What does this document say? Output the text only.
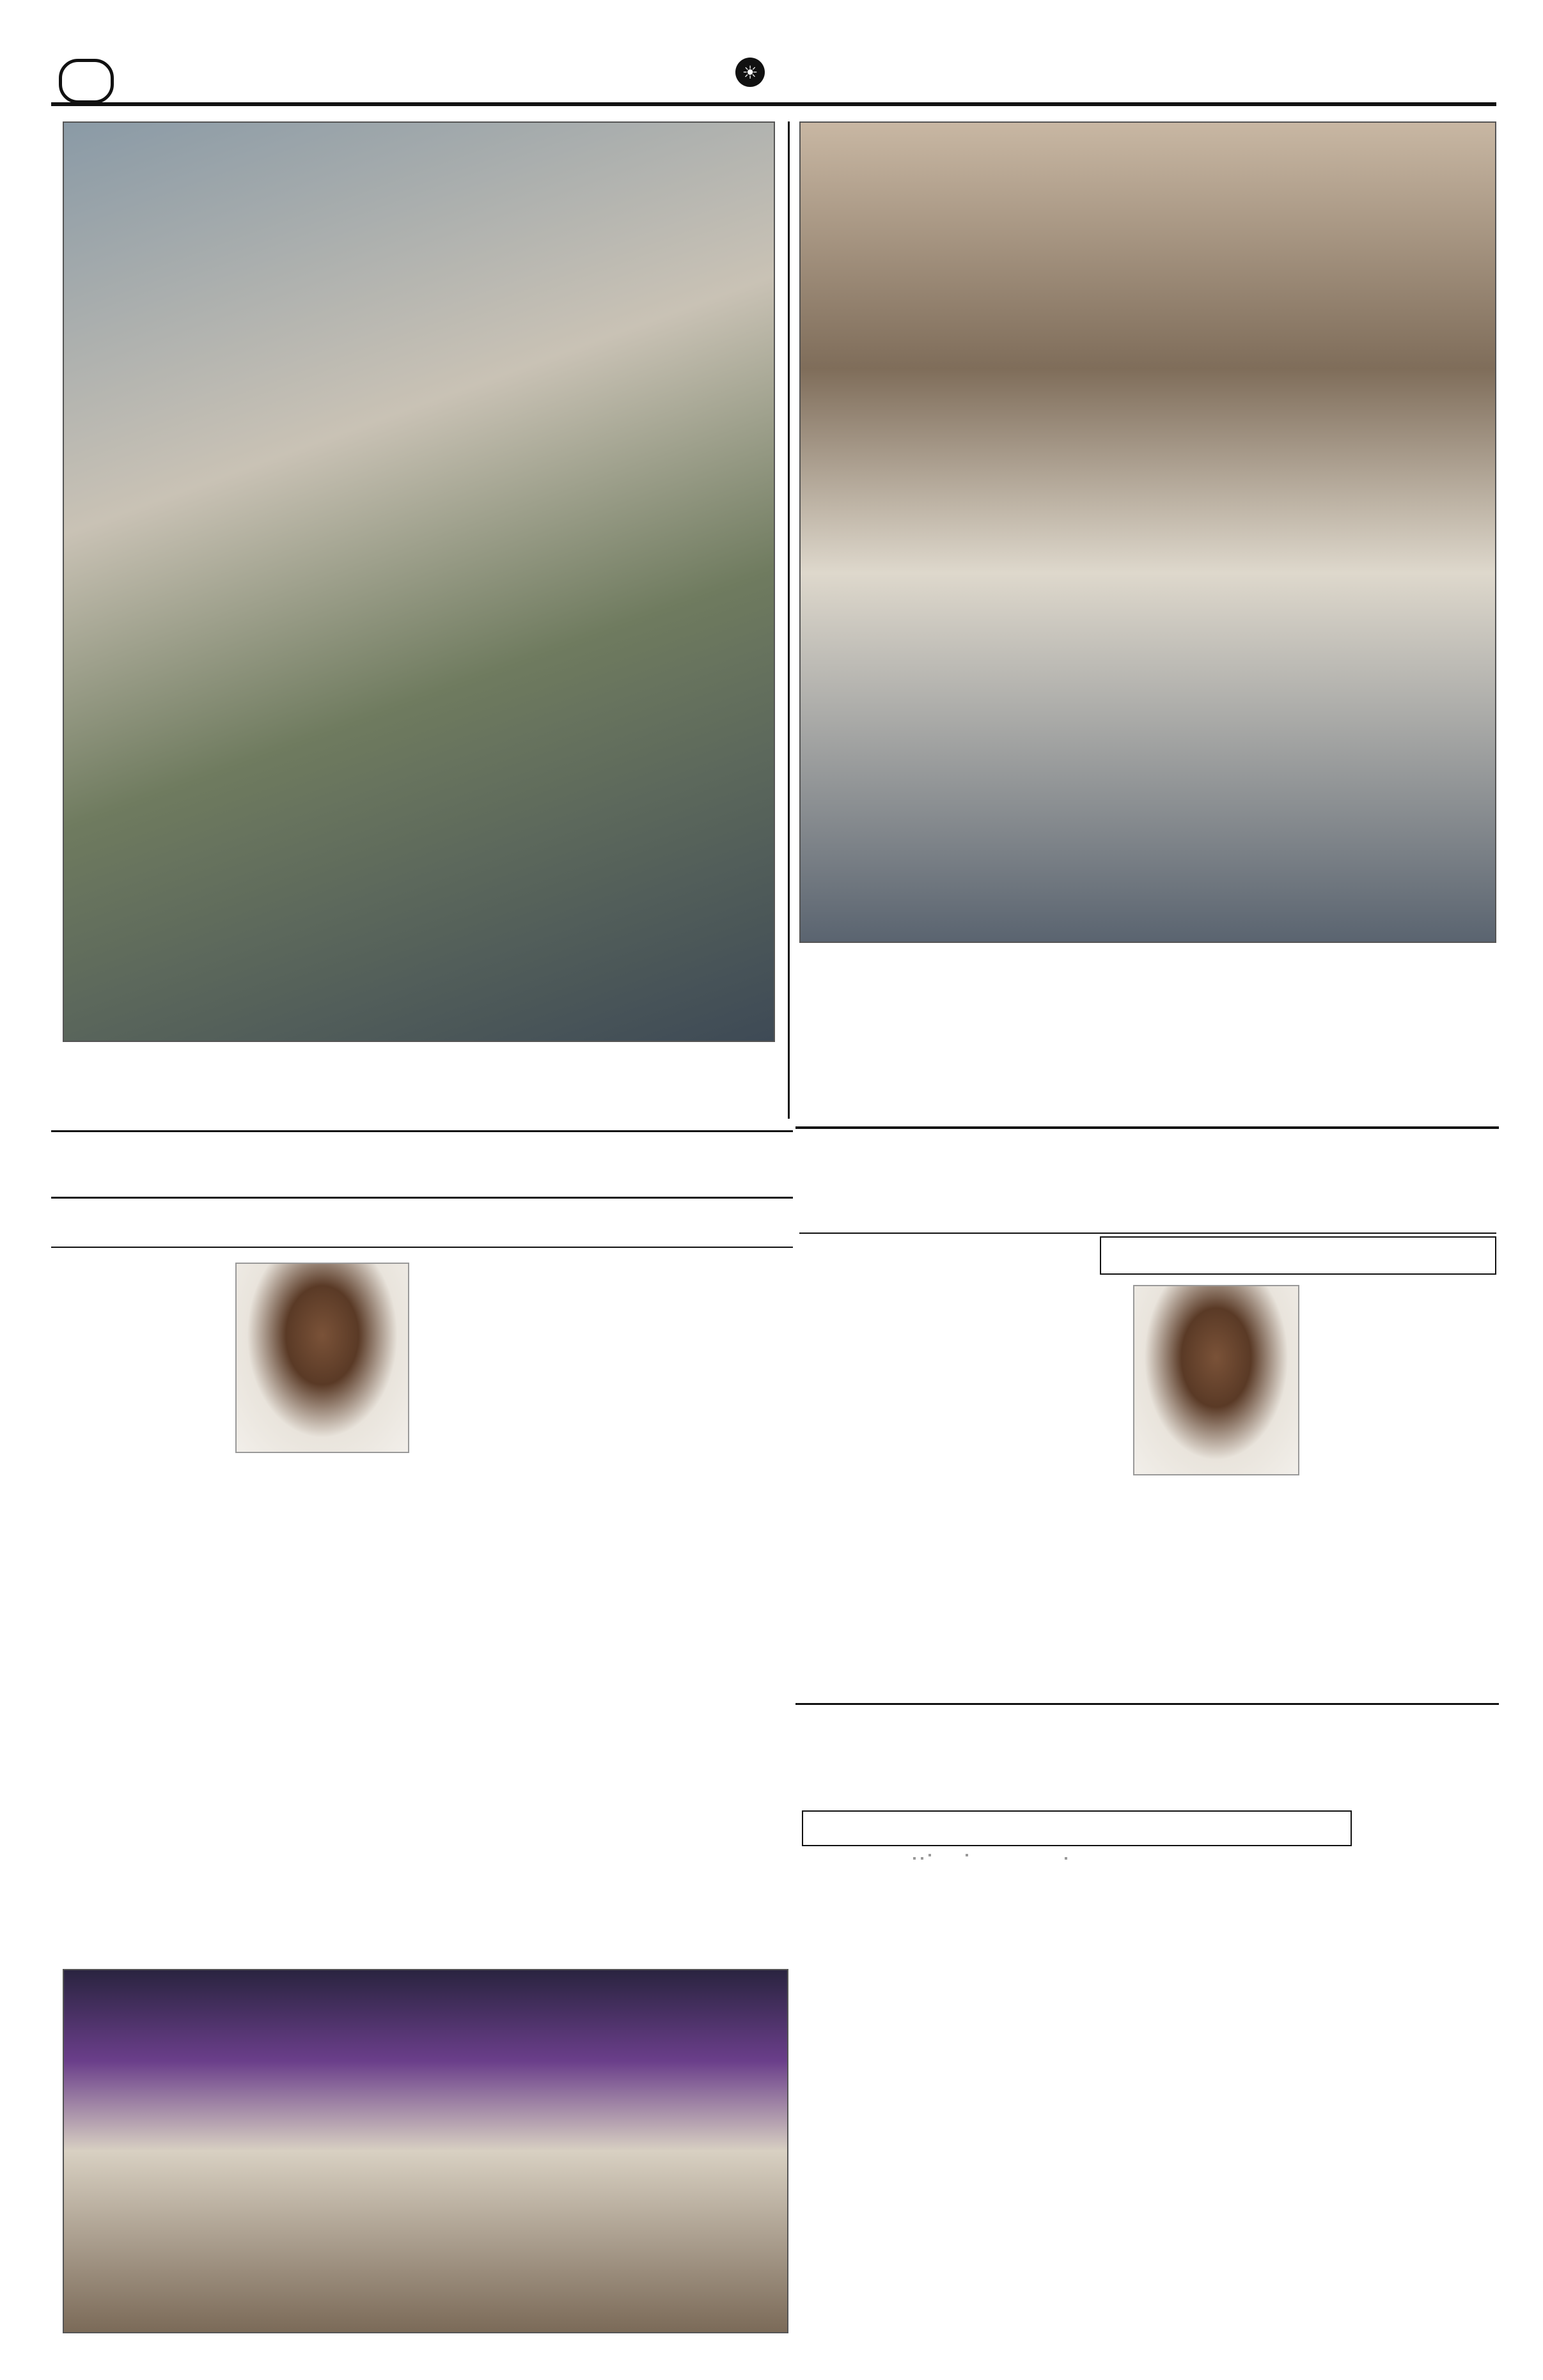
☀
